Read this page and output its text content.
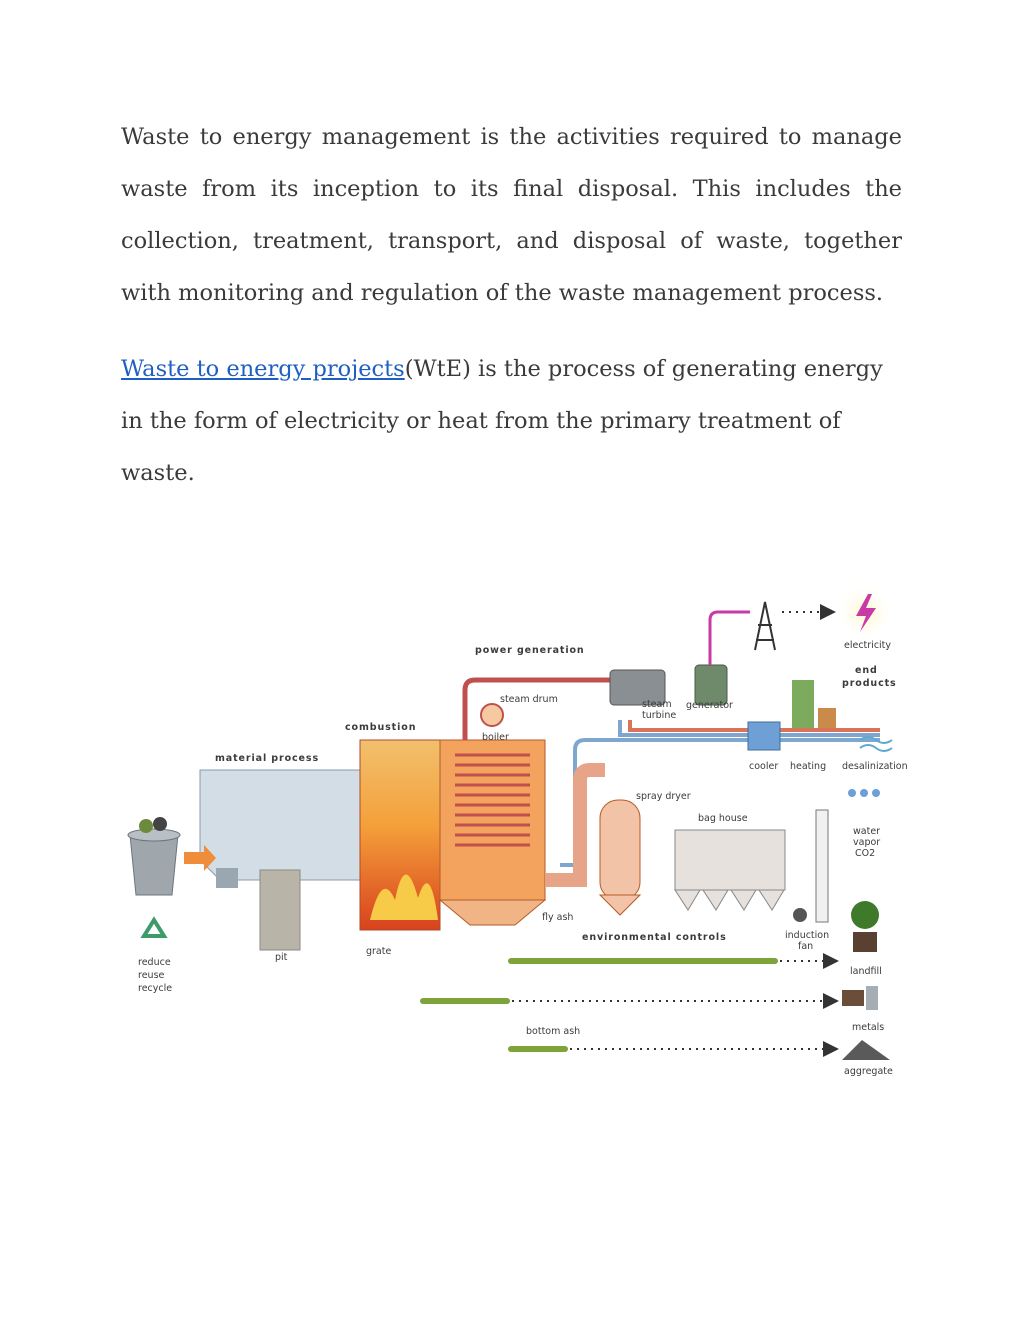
Waste to energy management is the activities required to manage waste from its inception to its final disposal. This includes the collection, treatment, transport, and disposal of waste, together with monitoring and regulation of the waste management process.

Waste to energy projects(WtE) is the process of generating energy in the form of electricity or heat from the primary treatment of waste.

power generation
combustion
material process
environmental controls
end products
steam drum
boiler
steam turbine
generator
electricity
cooler heating desalinization
spray dryer
bag house
water vapor CO2
fly ash
induction fan
landfill
metals
bottom ash
aggregate
grate
pit
reduce reuse recycle
